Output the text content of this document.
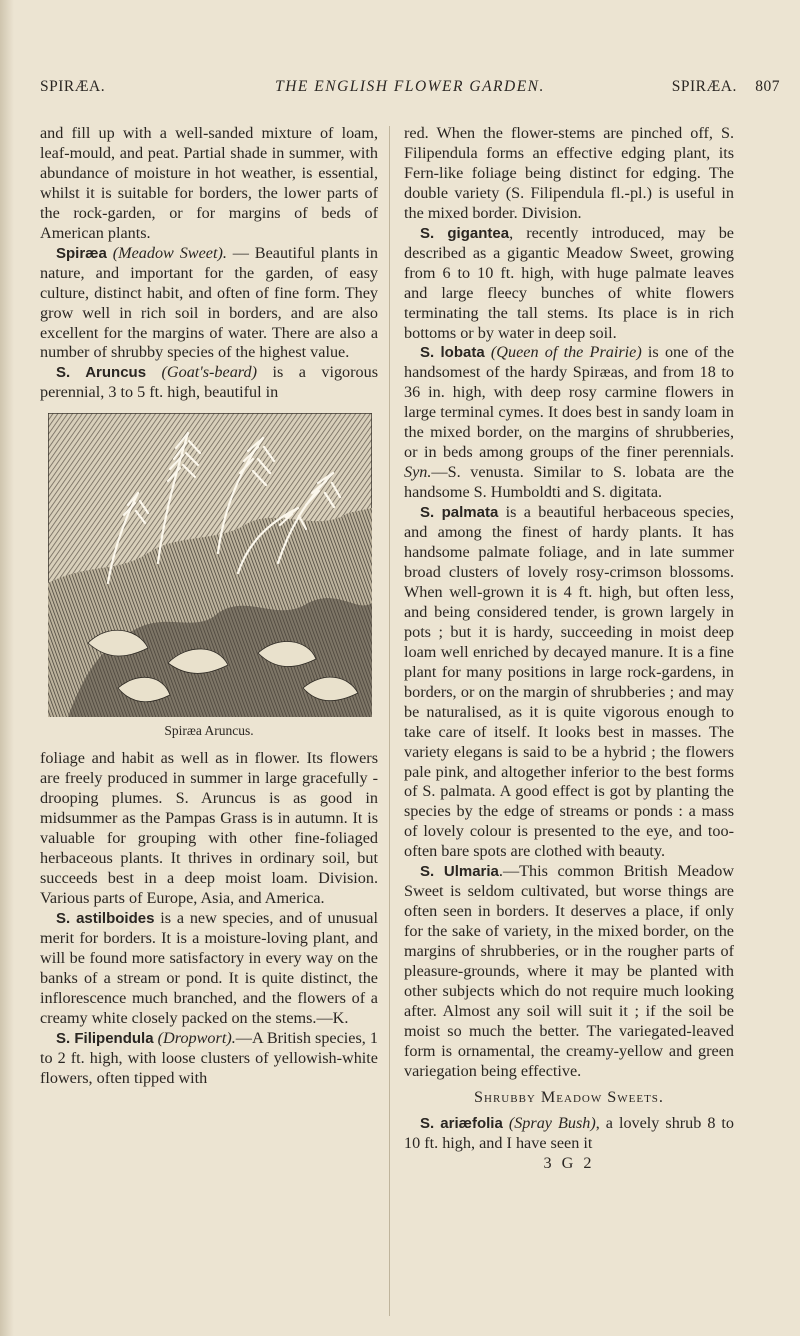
SPIRÆA.	THE ENGLISH FLOWER GARDEN.	SPIRÆA. 807

and fill up with a well-sanded mixture of loam, leaf-mould, and peat. Partial shade in summer, with abundance of moisture in hot weather, is essential, whilst it is suitable for borders, the lower parts of the rock-garden, or for margins of beds of American plants.

Spiræa (Meadow Sweet). — Beautiful plants in nature, and important for the garden, of easy culture, distinct habit, and often of fine form. They grow well in rich soil in borders, and are also excellent for the margins of water. There are also a number of shrubby species of the highest value.

S. Aruncus (Goat's-beard) is a vigorous perennial, 3 to 5 ft. high, beautiful in

Spiræa Aruncus.

foliage and habit as well as in flower. Its flowers are freely produced in summer in large gracefully - drooping plumes. S. Aruncus is as good in midsummer as the Pampas Grass is in autumn. It is valuable for grouping with other fine-foliaged herbaceous plants. It thrives in ordinary soil, but succeeds best in a deep moist loam. Division. Various parts of Europe, Asia, and America.

S. astilboides is a new species, and of unusual merit for borders. It is a moisture-loving plant, and will be found more satisfactory in every way on the banks of a stream or pond. It is quite distinct, the inflorescence much branched, and the flowers of a creamy white closely packed on the stems.—K.

S. Filipendula (Dropwort).—A British species, 1 to 2 ft. high, with loose clusters of yellowish-white flowers, often tipped with

red. When the flower-stems are pinched off, S. Filipendula forms an effective edging plant, its Fern-like foliage being distinct for edging. The double variety (S. Filipendula fl.-pl.) is useful in the mixed border. Division.

S. gigantea, recently introduced, may be described as a gigantic Meadow Sweet, growing from 6 to 10 ft. high, with huge palmate leaves and large fleecy bunches of white flowers terminating the tall stems. Its place is in rich bottoms or by water in deep soil.

S. lobata (Queen of the Prairie) is one of the handsomest of the hardy Spiræas, and from 18 to 36 in. high, with deep rosy carmine flowers in large terminal cymes. It does best in sandy loam in the mixed border, on the margins of shrubberies, or in beds among groups of the finer perennials. Syn.—S. venusta. Similar to S. lobata are the handsome S. Humboldti and S. digitata.

S. palmata is a beautiful herbaceous species, and among the finest of hardy plants. It has handsome palmate foliage, and in late summer broad clusters of lovely rosy-crimson blossoms. When well-grown it is 4 ft. high, but often less, and being considered tender, is grown largely in pots ; but it is hardy, succeeding in moist deep loam well enriched by decayed manure. It is a fine plant for many positions in large rock-gardens, in borders, or on the margin of shrubberies ; and may be naturalised, as it is quite vigorous enough to take care of itself. It looks best in masses. The variety elegans is said to be a hybrid ; the flowers pale pink, and altogether inferior to the best forms of S. palmata. A good effect is got by planting the species by the edge of streams or ponds : a mass of lovely colour is presented to the eye, and too-often bare spots are clothed with beauty.

S. Ulmaria.—This common British Meadow Sweet is seldom cultivated, but worse things are often seen in borders. It deserves a place, if only for the sake of variety, in the mixed border, on the margins of shrubberies, or in the rougher parts of pleasure-grounds, where it may be planted with other subjects which do not require much looking after. Almost any soil will suit it ; if the soil be moist so much the better. The variegated-leaved form is ornamental, the creamy-yellow and green variegation being effective.

Shrubby Meadow Sweets.

S. ariæfolia (Spray Bush), a lovely shrub 8 to 10 ft. high, and I have seen it

3 G 2
